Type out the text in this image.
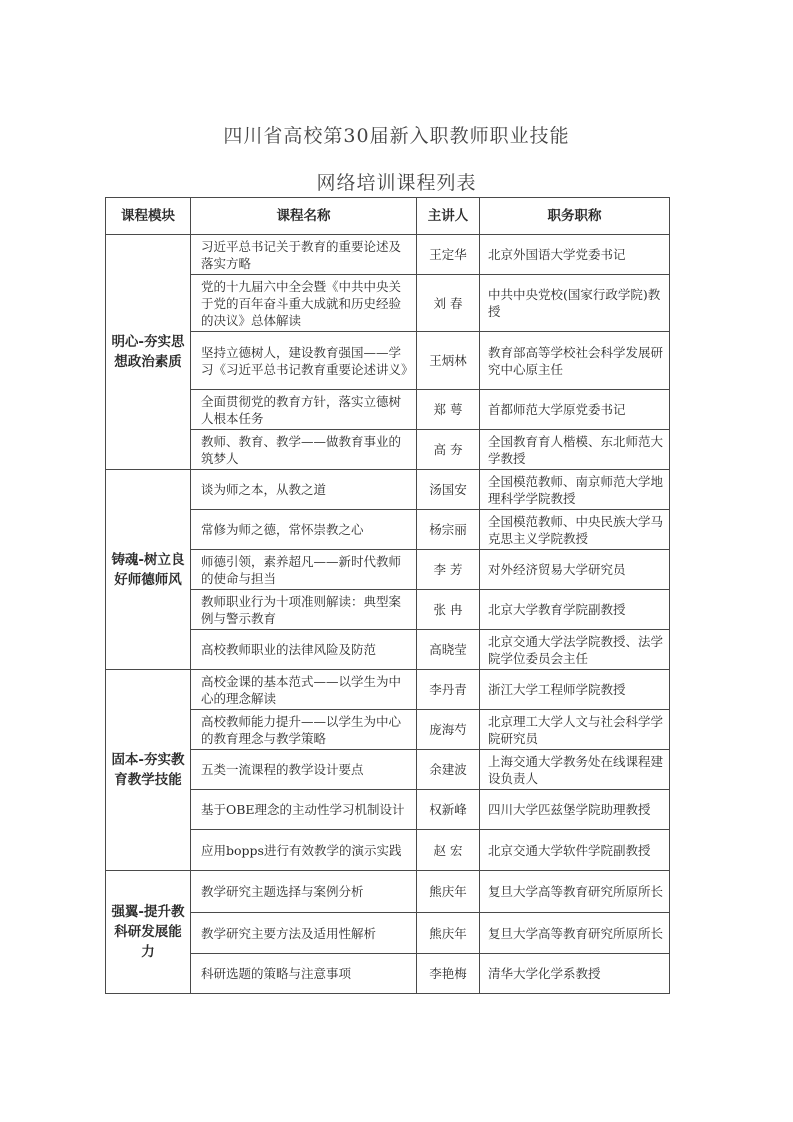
四川省高校第30届新入职教师职业技能
网络培训课程列表
课程模块	课程名称	主讲人	职务职称
明心-夯实思想政治素质	习近平总书记关于教育的重要论述及落实方略	王定华	北京外国语大学党委书记
	党的十九届六中全会暨《中共中央关于党的百年奋斗重大成就和历史经验的决议》总体解读	刘 春	中共中央党校(国家行政学院)教授
	坚持立德树人，建设教育强国——学习《习近平总书记教育重要论述讲义》	王炳林	教育部高等学校社会科学发展研究中心原主任
	全面贯彻党的教育方针，落实立德树人根本任务	郑 萼	首都师范大学原党委书记
	教师、教育、教学——做教育事业的筑梦人	高 夯	全国教育育人楷模、东北师范大学教授
铸魂-树立良好师德师风	谈为师之本，从教之道	汤国安	全国模范教师、南京师范大学地理科学学院教授
	常修为师之德，常怀崇教之心	杨宗丽	全国模范教师、中央民族大学马克思主义学院教授
	师德引领，素养超凡——新时代教师的使命与担当	李 芳	对外经济贸易大学研究员
	教师职业行为十项准则解读：典型案例与警示教育	张 冉	北京大学教育学院副教授
	高校教师职业的法律风险及防范	高晓莹	北京交通大学法学院教授、法学院学位委员会主任
固本-夯实教育教学技能	高校金课的基本范式——以学生为中心的理念解读	李丹青	浙江大学工程师学院教授
	高校教师能力提升——以学生为中心的教育理念与教学策略	庞海芍	北京理工大学人文与社会科学学院研究员
	五类一流课程的教学设计要点	余建波	上海交通大学教务处在线课程建设负责人
	基于OBE理念的主动性学习机制设计	权新峰	四川大学匹兹堡学院助理教授
	应用bopps进行有效教学的演示实践	赵 宏	北京交通大学软件学院副教授
强翼-提升教科研发展能力	教学研究主题选择与案例分析	熊庆年	复旦大学高等教育研究所原所长
	教学研究主要方法及适用性解析	熊庆年	复旦大学高等教育研究所原所长
	科研选题的策略与注意事项	李艳梅	清华大学化学系教授
